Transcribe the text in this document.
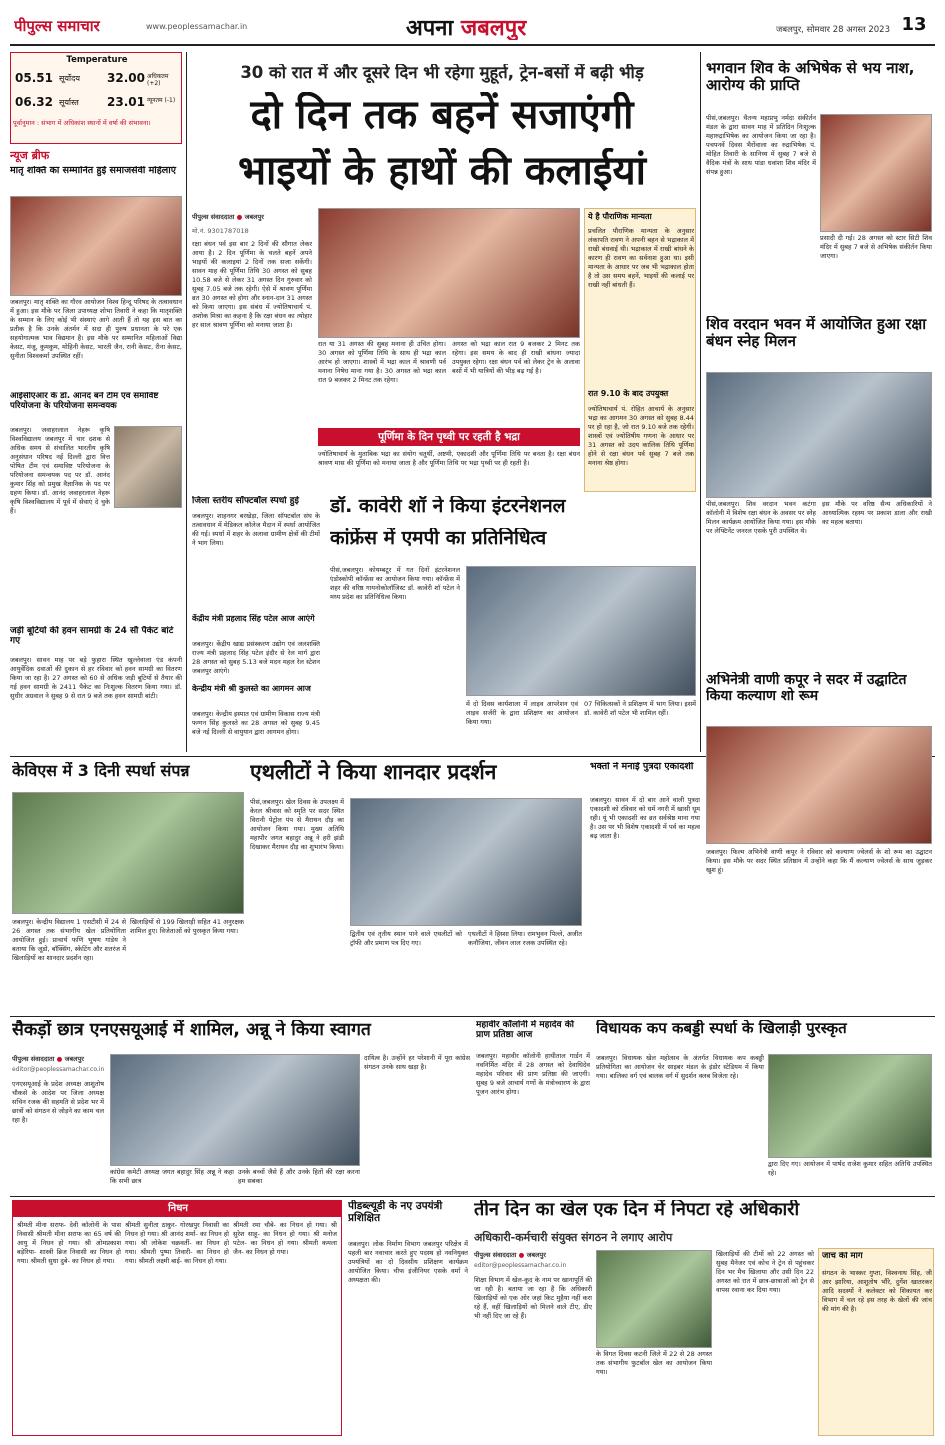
पीपुल्स समाचार	www.peoplessamachar.in	अपना जबलपुर	जबलपुर, सोमवार 28 अगस्त 2023 13
Temperature
05.51 सूर्योदय 32.00 अधिकतम (+2)
06.32 सूर्यास्त 23.01 न्यूनतम (-1)
पूर्वानुमान : संभाग में अधिकांश स्थानों में वर्षा की संभावना।
न्यूज ब्रीफ
मातृ शक्ति का सम्मानित हुईं समाजसेवी महिलाएं
जबलपुर। मातृ शक्ति का गौरव आयोजन विश्व हिन्दू परिषद के तत्वावधान में हुआ। इस मौके पर जिला उपाध्यक्ष शोभा तिवारी ने कहा कि मातृशक्ति के सम्मान के लिए कोई भी संस्थाएं आगे आती हैं तो यह इस बात का प्रतीक है कि उनके अंतर्मन में सदा ही पुरुष प्रधानता के परे एक सहयोगात्मक भाव विद्यमान है। इस मौके पर सम्मानित महिलाओं विद्या केसट, मंजू, कुमकुम, मोहिनी केसट, भारती जैन, रानी केसट, रीना केसट, सुनीता विश्वकर्मा उपस्थित रहीं।
आईसीएआर के डॉ. आनंद बने टीम एवं समाविष्ट परियोजना के परियोजना समन्वयक
जबलपुर। जवाहरलाल नेहरू कृषि विश्वविद्यालय जबलपुर में चार दशक से अधिक समय से संचालित भारतीय कृषि अनुसंधान परिषद नई दिल्ली द्वारा वित्त पोषित टीम एवं समाविष्ट परियोजना के परियोजना समन्वयक पद पर डॉ. आनंद कुमार सिंह को प्रमुख वैज्ञानिक के पद पर ग्रहण किया। डॉ. आनंद जवाहरलाल नेहरू कृषि विश्वविद्यालय में पूर्व में सेवाएं दे चुके हैं।
जड़ी बूटियों की हवन सामग्री के 24 सौ पैकेट बांटे गए
जबलपुर। सावन माह पर बड़े फुहारा स्थित खुल्लेवाला एंड कंपनी आयुर्वेदिक दवाओं की दुकान से हर रविवार को हवन सामग्री का वितरण किया जा रहा है। 27 अगस्त को 60 से अधिक जड़ी बूटियों से तैयार की गई हवन सामग्री के 2411 पैकेट का निःशुल्क वितरण किया गया। डॉ. सुधीर अग्रवाल ने सुबह 9 से रात 9 बजे तक हवन सामग्री बांटी।
30 को रात में और दूसरे दिन भी रहेगा मुहूर्त, ट्रेन-बसों में बढ़ी भीड़
दो दिन तक बहनें सजाएंगी
भाइयों के हाथों की कलाईयां
पीपुल्स संवाददाता ● जबलपुर
मो.नं. 9301787018
रक्षा बंधन पर्व इस बार 2 दिनों की सौगात लेकर आया है। 2 दिन पूर्णिमा के चलते बहनें अपने भाइयों की कलाइयां 2 दिनों तक सजा सकेंगी। सावन माह की पूर्णिमा तिथि 30 अगस्त को सुबह 10.58 बजे से लेकर 31 अगस्त दिन गुरुवार को सुबह 7.05 बजे तक रहेगी। ऐसे में श्रावण पूर्णिमा व्रत 30 अगस्त को होगा और स्नान-दान 31 अगस्त को किया जाएगा। इस संबंध में ज्योतिषाचार्य पं. अशोक मिश्रा का कहना है कि रक्षा बंधन का त्योहार हर साल श्रावण पूर्णिमा को मनाया जाता है।
रात या 31 अगस्त की सुबह मनाना ही उचित होगा। 30 अगस्त को पूर्णिमा तिथि के साथ ही भद्रा काल आरंभ हो जाएगा। शास्त्रों में भद्रा काल में श्रावणी पर्व मनाना निषेध माना गया है। 30 अगस्त को भद्रा काल रात 9 बजकर 2 मिनट तक रहेगा।
अगस्त को भद्रा काल रात 9 बजकर 2 मिनट तक रहेगा। इस समय के बाद ही राखी बांधना ज्यादा उपयुक्त रहेगा। रक्षा बंधन पर्व को लेकर ट्रेन के अलावा बसों में भी यात्रियों की भीड़ बढ़ गई है।
पूर्णिमा के दिन पृथ्वी पर रहती है भद्रा
ज्योतिषाचार्य के मुताबिक भद्रा का संयोग चतुर्थी, अष्टमी, एकादशी और पूर्णिमा तिथि पर बनता है। रक्षा बंधन श्रावण मास की पूर्णिमा को मनाया जाता है और पूर्णिमा तिथि पर भद्रा पृथ्वी पर ही रहती है।
ये है पौराणिक मान्यता
प्रचलित पौराणिक मान्यता के अनुसार लंकापति रावण ने अपनी बहन से भद्राकाल में राखी बंधवाई थी। भद्राकाल में राखी बांधने के कारण ही रावण का सर्वनाश हुआ था। इसी मान्यता के आधार पर जब भी भद्राकाल होता है तो उस समय बहनें, भाइयों की कलाई पर राखी नहीं बांधती हैं।
रात 9.10 के बाद उपयुक्त
ज्योतिषाचार्य पं. रोहित आचार्य के अनुसार भद्रा का आगमन 30 अगस्त को सुबह 8.44 पर हो रहा है, जो रात 9.10 बजे तक रहेगी। शास्त्रों एवं ज्योतिषीय गणना के आधार पर 31 अगस्त को उदय कालिक तिथि पूर्णिमा होने से रक्षा बंधन पर्व सुबह 7 बजे तक मनाना श्रेष्ठ होगा।
जिला स्तरीय सॉफ्टबॉल स्पर्धा हुई
जबलपुर। शाहनगर बरखेड़ा, जिला सॉफ्टबॉल संघ के तत्वावधान में मेडिकल कॉलेज मैदान में स्पर्धा आयोजित की गई। स्पर्धा में शहर के अलावा ग्रामीण क्षेत्रों की टीमों ने भाग लिया।
केंद्रीय मंत्री प्रहलाद सिंह पटेल आज आएंगे
जबलपुर। केंद्रीय खाद्य प्रसंस्करण उद्योग एवं जलशक्ति राज्य मंत्री प्रहलाद सिंह पटेल इंदौर से रेल मार्ग द्वारा 28 अगस्त को सुबह 5.13 बजे मदन महल रेल स्टेशन जबलपुर आएंगे।
केन्द्रीय मंत्री श्री कुलस्ते का आगमन आज
जबलपुर। केन्द्रीय इस्पात एवं ग्रामीण विकास राज्य मंत्री फग्गन सिंह कुलस्ते का 28 अगस्त को सुबह 9.45 बजे नई दिल्ली से वायुयान द्वारा आगमन होगा।
भगवान शिव के अभिषेक से भय नाश, आरोग्य की प्राप्ति
पीसं,जबलपुर। चैतन्य महाप्रभु नर्मदा संकीर्तन मंडल के द्वारा सावन माह में प्रतिदिन निःशुल्क महारुद्राभिषेक का आयोजन किया जा रहा है। पचपनवें दिवस भैरोंवाला का रुद्राभिषेक पं. मोहित तिवारी के सानिध्य में सुबह 7 बजे से वैदिक मंत्रों के साथ पांडा धवांशा शिव मंदिर में संपन्न हुआ।
प्रसादी दी गई। 28 अगस्त को स्टार सिटी शिव मंदिर में सुबह 7 बजे से अभिषेक संकीर्तन किया जाएगा।
शिव वरदान भवन में आयोजित हुआ रक्षा बंधन स्नेह मिलन
पीसं,जबलपुर। शिव वरदान भवन कटंगा कॉलोनी में विशेष रक्षा बंधन के अवसर पर स्नेह मिलन कार्यक्रम आयोजित किया गया। इस मौके पर लेफ्टिनेंट जनरल एसके पुरी उपस्थित थे।
इस मौके पर वरिष्ठ सैन्य अधिकारियों ने आध्यात्मिक रहस्य पर प्रकाश डाला और राखी का महत्व बताया।
डॉ. कावेरी शॉ ने किया इंटरनेशनल
कांफ्रेंस में एमपी का प्रतिनिधित्व
पीसं,जबलपुर। कोयम्बटूर में गत दिनों इंटरनेशनल एंडोस्कोपी कॉन्फ्रेंस का आयोजन किया गया। कॉन्फ्रेंस में शहर की वरिष्ठ गायनोकोलॉजिस्ट डॉ. कावेरी शॉ पटेल ने मध्य प्रदेश का प्रतिनिधित्व किया।
में दो दिवस कार्यशाला में लाइव आपरेशन एवं लाइव सर्जरी के द्वारा प्रशिक्षण का आयोजन किया गया।
07 चिकित्सकों ने प्रशिक्षण में भाग लिया। इसमें डॉ. कावेरी शॉ पटेल भी शामिल रहीं।
केविएस में 3 दिनी स्पर्धा संपन्न
जबलपुर। केन्द्रीय विद्यालय 1 एसटीसी में 24 से 26 अगस्त तक संभागीय खेल प्रतियोगिता आयोजित हुई। प्राचार्य फणि भूषण गांडेय ने बताया कि जूडो, बॉक्सिंग, स्केटिंग और शतरंज में खिलाड़ियों का शानदार प्रदर्शन रहा।
खिलाड़ियों से 199 खिलाड़ी सहित 41 अनुरक्षक शामिल हुए। विजेताओं को पुरस्कृत किया गया।
एथलीटों ने किया शानदार प्रदर्शन
पीसं,जबलपुर। खेल दिवस के उपलक्ष्य में केरल श्रीवास को स्मृति पर सदर स्थित विरानी पेट्रोल पंप से मैराथन दौड़ का आयोजन किया गया। मुख्य अतिथि महापौर जगत बहादुर अन्नू ने हरी झंडी दिखाकर मैराथन दौड़ का शुभारंभ किया।
द्वितीय एवं तृतीय स्थान पाने वाले एथलीटों को ट्रॉफी और प्रमाण पत्र दिए गए।
एथलीटों ने हिस्सा लिया। रामभुवन पिल्ले, अजीत कनौजिया, जीवन लाल रजक उपस्थित रहे।
भक्तों ने मनाई पुत्रदा एकादशी
जबलपुर। सावन में दो बार आने वाली पुत्रदा एकादशी को रविवार को धर्म नगरी में खासी धूम रही। यूं भी एकादशी का व्रत सर्वश्रेष्ठ माना गया है। उस पर भी विशेष एकादशी में पर्व का महत्व बढ़ जाता है।
अभिनेत्री वाणी कपूर ने सदर में उद्घाटित किया कल्याण शो रूम
जबलपुर। फिल्म अभिनेत्री वाणी कपूर ने रविवार को कल्याण ज्वेलर्स के शो रूम का उद्घाटन किया। इस मौके पर सदर स्थित प्रतिष्ठान में उन्होंने कहा कि मैं कल्याण ज्वेलर्स के साथ जुड़कर खुश हूं।
सैकड़ों छात्र एनएसयूआई में शामिल, अन्नू ने किया स्वागत
पीपुल्स संवाददाता ● जबलपुर
editor@peoplessamachar.co.in
एनएसयूआई के प्रदेश अध्यक्ष आशुतोष चौकसे के आदेश पर जिला अध्यक्ष सचिन रजक की सहमति से प्रदेश भर में छात्रों को संगठन से जोड़ने का काम चल रहा है।
कांग्रेस कमेटी अध्यक्ष जगत बहादुर सिंह अन्नू ने कहा कि सभी छात्र
उनके बच्चों जैसे हैं और उनके हितों की रक्षा करना हम सबका
दायित्व है। उन्होंने हर परेशानी में पूरा कांग्रेस संगठन उनके साथ खड़ा है।
महावीर कॉलोनी में महादेव की प्राण प्रतिष्ठा आज
जबलपुर। महावीर कॉलोनी हाथीताल गार्डन में नवनिर्मित मंदिर में 28 अगस्त को देवाधिदेव महादेव परिवार की प्राण प्रतिष्ठा की जाएगी। सुबह 9 बजे आचार्य गणों के मंत्रोच्चारण के द्वारा पूजन आरंभ होगा।
विधायक कप कबड्डी स्पर्धा के खिलाड़ी पुरस्कृत
जबलपुर। विधायक खेल महोत्सव के अंतर्गत विधायक कप कबड्डी प्रतियोगिता का आयोजन चेर साइबर मंडल के इंडोर स्टेडियम में किया गया। बालिका वर्ग एवं बालक वर्ग में सुदर्शन क्लब विजेता रहे।
द्वारा दिए गए। आयोजन में पार्षद राजेश कुमार सहित अतिथि उपस्थित रहे।
निधन
श्रीमती मीना सराफ- देवी कॉलोनी के पास निवासी श्रीमती मीना सराफ का 65 वर्ष की आयु में निधन हो गया। श्री ओमप्रकाश बड़ेरिया- शास्त्री ब्रिज निवासी का निधन हो गया। श्रीमती सुधा दुबे- का निधन हो गया।
श्रीमती सुनीता ठाकुर- गोरखपुर निवासी का निधन हो गया। श्री आनंद शर्मा- का निधन हो गया। श्री लोकेश चक्रवर्ती- का निधन हो गया। श्रीमती पुष्पा तिवारी- का निधन हो गया। श्रीमती लक्ष्मी बाई- का निधन हो गया।
श्रीमती रमा चौबे- का निधन हो गया। श्री सुरेश साहू- का निधन हो गया। श्री मनोज पटेल- का निधन हो गया। श्रीमती कमला जैन- का निधन हो गया।
पीडब्ल्यूडी के नए उपयंत्री प्रशिक्षित
जबलपुर। लोक निर्माण विभाग जबलपुर परिक्षेत्र में पहली बार नवाचार करते हुए पदस्थ हो नवनियुक्त उपयंत्रियों का दो दिवसीय प्रशिक्षण कार्यक्रम आयोजित किया। चीफ इंजीनियर एसके वर्मा ने अध्यक्षता की।
तीन दिन का खेल एक दिन में निपटा रहे अधिकारी
अधिकारी-कर्मचारी संयुक्त संगठन ने लगाए आरोप
पीपुल्स संवाददाता ● जबलपुर
editor@peoplessamachar.co.in
शिक्षा विभाग में खेल-कूद के नाम पर खानापूर्ति की जा रही है। बताया जा रहा है कि अधिकारी खिलाड़ियों को एक ओर जहां किट मुहैया नहीं करा रहे हैं, वहीं खिलाड़ियों को मिलने वाले टीए, डीए भी नहीं दिए जा रहे हैं।
के विगत दिवस कटनी जिले में 22 से 28 अगस्त तक संभागीय फुटबॉल खेल का आयोजन किया गया।
खिलाड़ियों की टीमों को 22 अगस्त को सुबह मैनेजर एवं कोच ने ट्रेन से पहुंचकर दिन भर मैच खिलाया और उसी दिन 22 अगस्त को रात में छात्र-छात्राओं को ट्रेन से वापस रवाना कर दिया गया।
जांच की मांग
संगठन के भास्कर गुप्ता, विश्वनाथ सिंह, जी आर झारिया, आशुतोष भौंरे, दुर्गेश खातरकर आदि सदस्यों ने कलेक्टर को शिकायत कर विभाग में चल रहे इस तरह के खेलों की जांच की मांग की है।
